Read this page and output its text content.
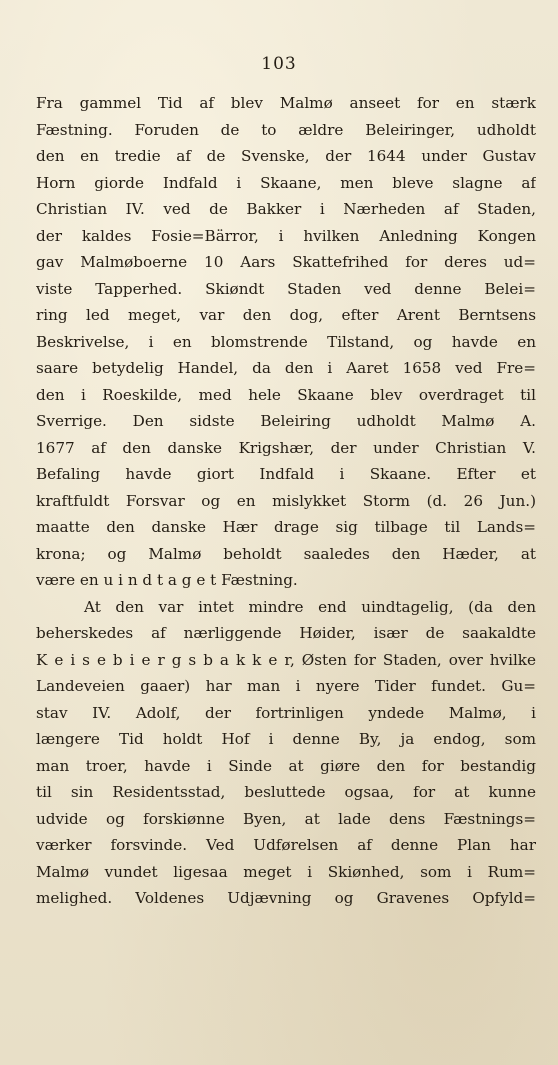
103
Fra gammel Tid af blev Malmø anseet for en stærk
Fæstning. Foruden de to ældre Beleiringer, udholdt
den en tredie af de Svenske, der 1644 under Gustav
Horn giorde Indfald i Skaane, men bleve slagne af
Christian IV. ved de Bakker i Nærheden af Staden,
der kaldes Fosie=Bärror, i hvilken Anledning Kongen
gav Malmøboerne 10 Aars Skattefrihed for deres ud=
viste Tapperhed. Skiøndt Staden ved denne Belei=
ring led meget, var den dog, efter Arent Berntsens
Beskrivelse, i en blomstrende Tilstand, og havde en
saare betydelig Handel, da den i Aaret 1658 ved Fre=
den i Roeskilde, med hele Skaane blev overdraget til
Sverrige. Den sidste Beleiring udholdt Malmø A.
1677 af den danske Krigshær, der under Christian V.
Befaling havde giort Indfald i Skaane. Efter et
kraftfuldt Forsvar og en mislykket Storm (d. 26 Jun.)
maatte den danske Hær drage sig tilbage til Lands=
krona; og Malmø beholdt saaledes den Hæder, at
være en u i n d t a g e t Fæstning.
At den var intet mindre end uindtagelig, (da den
beherskedes af nærliggende Høider, især de saakaldte
K e i s e b i e r g s b a k k e r, Østen for Staden, over hvilke
Landeveien gaaer) har man i nyere Tider fundet. Gu=
stav IV. Adolf, der fortrinligen yndede Malmø, i
længere Tid holdt Hof i denne By, ja endog, som
man troer, havde i Sinde at giøre den for bestandig
til sin Residentsstad, besluttede ogsaa, for at kunne
udvide og forskiønne Byen, at lade dens Fæstnings=
værker forsvinde. Ved Udførelsen af denne Plan har
Malmø vundet ligesaa meget i Skiønhed, som i Rum=
melighed. Voldenes Udjævning og Gravenes Opfyld=
